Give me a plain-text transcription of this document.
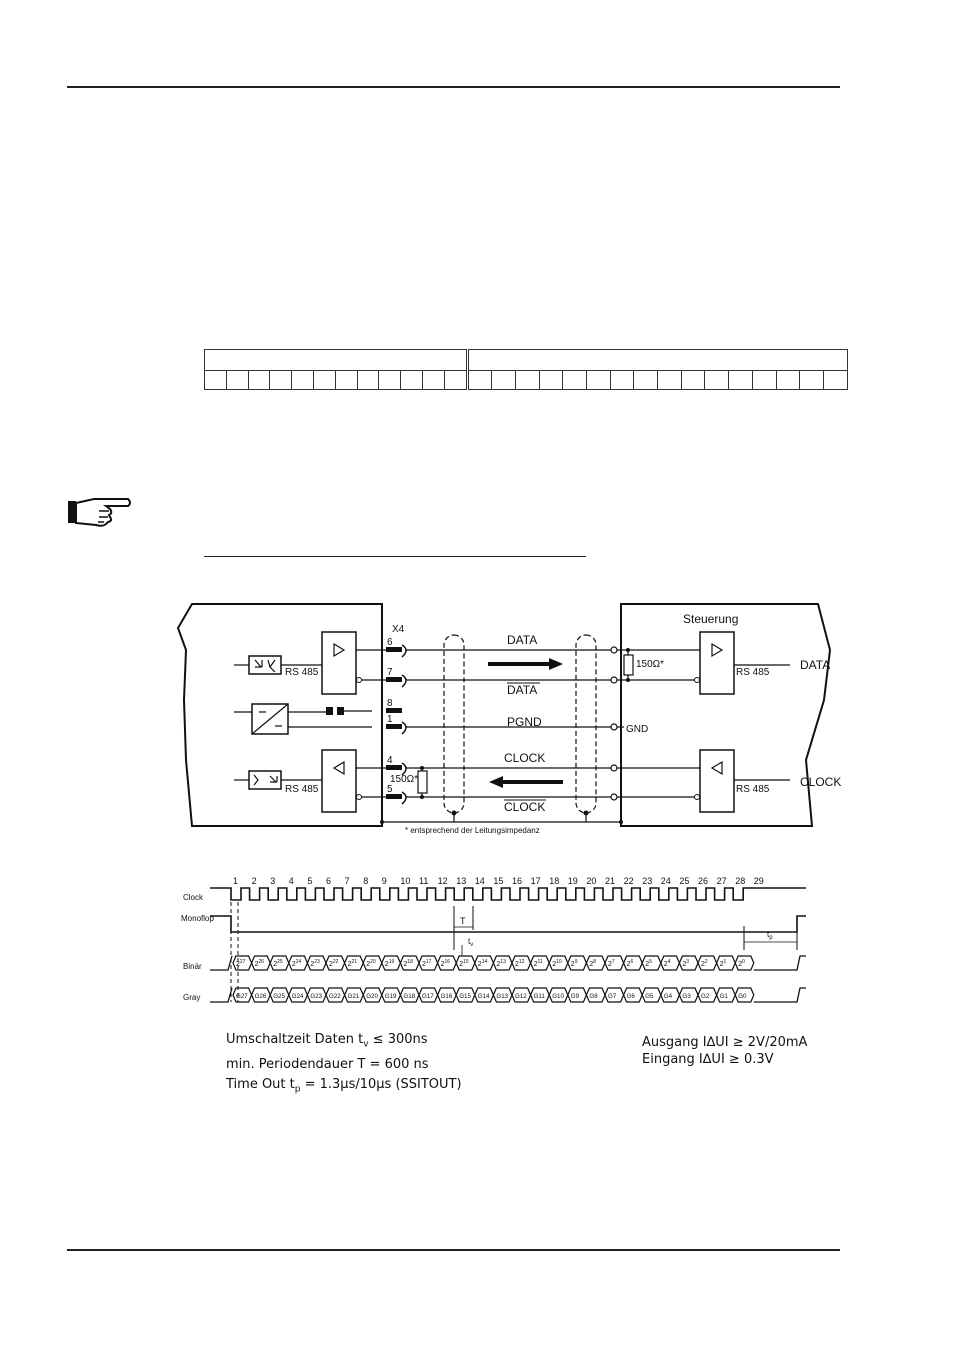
X4
6
7
8
1
4
5
RS 485
RS 485
150Ω*
DATA
DATA
PGND
CLOCK
CLOCK
Steuerung
150Ω*
GND
RS 485
RS 485
DATA
CLOCK
* entsprechend der Leitungsimpedanz
Clock
Monoflop
Binär
Gray
1 2 3 4 5 6 7 8 9 10 11 12 13 14 15 16 17 18 19 20 21 22 23 24 25 26 27 28 29
$2^{27}$ $2^{26}$ $2^{25}$ $2^{24}$ $2^{23}$ $2^{22}$ $2^{21}$ $2^{20}$ $2^{19}$ $2^{18}$ $2^{17}$ $2^{16}$ $2^{15}$ $2^{14}$ $2^{13}$ $2^{12}$ $2^{11}$ $2^{10}$ $2^9$ $2^8$ $2^7$ $2^6$ $2^5$ $2^4$ $2^3$ $2^2$ $2^1$ $2^0$
G27 G26 G25 G24 G23 G22 G21 G20 G19 G18 G17 G16 G15 G14 G13 G12 G11 G10 G9 G8 G7 G6 G5 G4 G3 G2 G1 G0
T
$t_v$
$t_p$
Umschaltzeit Daten $t_v \le 300ns$
min. Periodendauer T = 600 ns
Time Out $t_p = 1.3\mu s/10\mu s$ (SSITOUT)
Ausgang I∆UI ≥ 2V/20mA
Eingang I∆UI ≥ 0.3V
